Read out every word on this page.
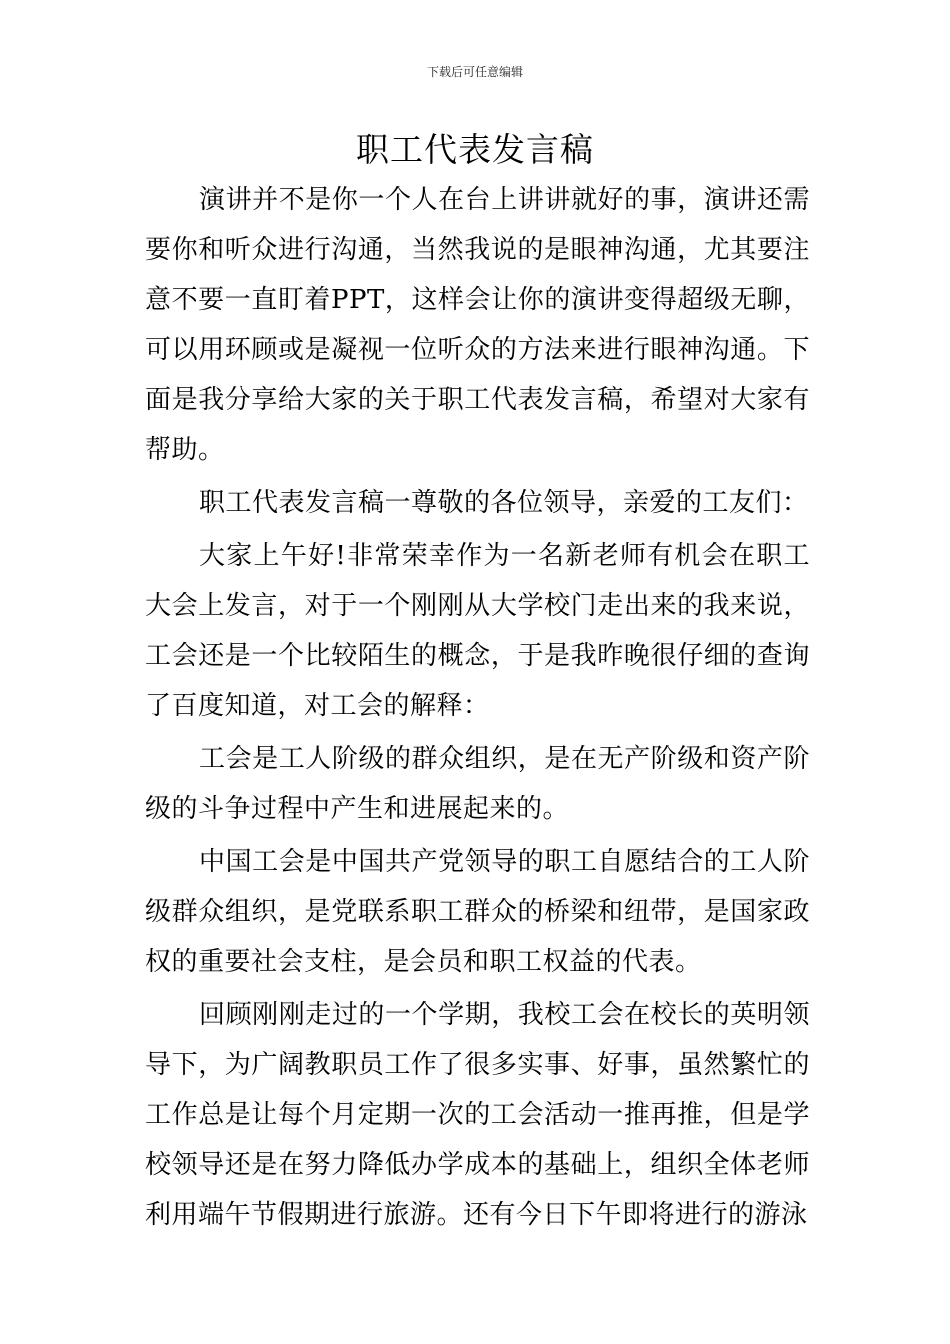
下载后可任意编辑
职工代表发言稿

演讲并不是你一个人在台上讲讲就好的事，演讲还需要你和听众进行沟通，当然我说的是眼神沟通，尤其要注意不要一直盯着PPT，这样会让你的演讲变得超级无聊，可以用环顾或是凝视一位听众的方法来进行眼神沟通。下面是我分享给大家的关于职工代表发言稿，希望对大家有帮助。

职工代表发言稿一尊敬的各位领导，亲爱的工友们：

大家上午好!非常荣幸作为一名新老师有机会在职工大会上发言，对于一个刚刚从大学校门走出来的我来说，工会还是一个比较陌生的概念，于是我昨晚很仔细的查询了百度知道，对工会的解释：

工会是工人阶级的群众组织，是在无产阶级和资产阶级的斗争过程中产生和进展起来的。

中国工会是中国共产党领导的职工自愿结合的工人阶级群众组织，是党联系职工群众的桥梁和纽带，是国家政权的重要社会支柱，是会员和职工权益的代表。

回顾刚刚走过的一个学期，我校工会在校长的英明领导下，为广阔教职员工作了很多实事、好事，虽然繁忙的工作总是让每个月定期一次的工会活动一推再推，但是学校领导还是在努力降低办学成本的基础上，组织全体老师利用端午节假期进行旅游。还有今日下午即将进行的游泳
